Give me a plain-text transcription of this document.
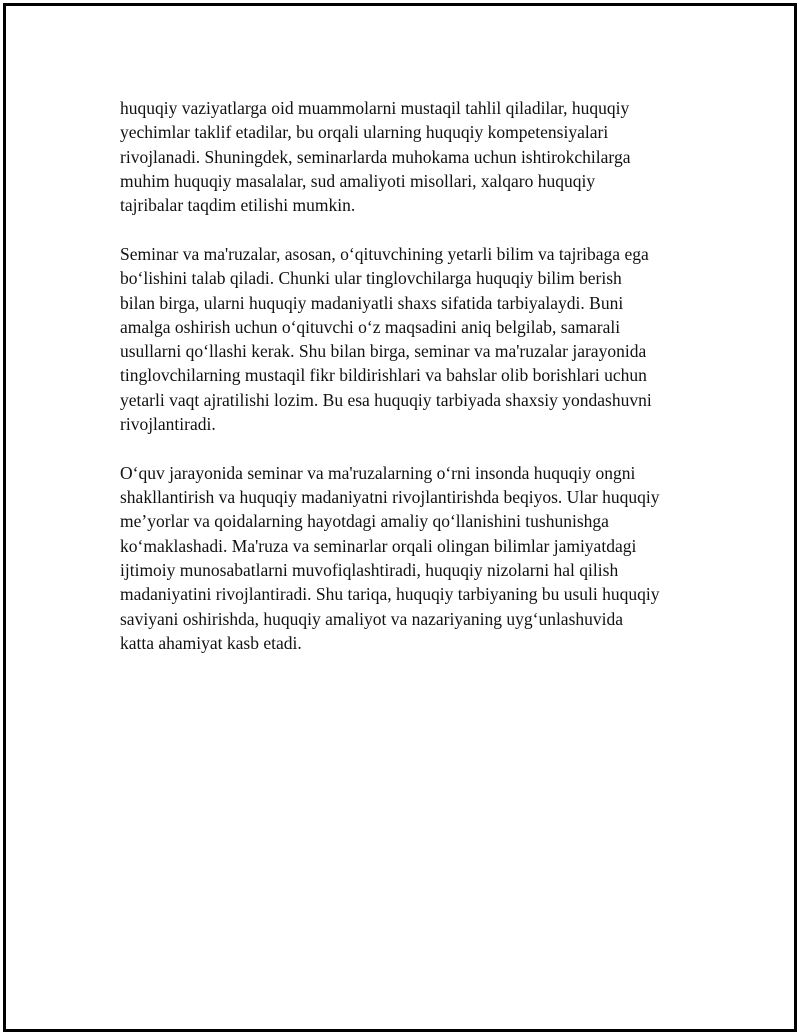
huquqiy vaziyatlarga oid muammolarni mustaqil tahlil qiladilar, huquqiy
yechimlar taklif etadilar, bu orqali ularning huquqiy kompetensiyalari
rivojlanadi. Shuningdek, seminarlarda muhokama uchun ishtirokchilarga
muhim huquqiy masalalar, sud amaliyoti misollari, xalqaro huquqiy
tajribalar taqdim etilishi mumkin.

Seminar va ma'ruzalar, asosan, o‘qituvchining yetarli bilim va tajribaga ega
bo‘lishini talab qiladi. Chunki ular tinglovchilarga huquqiy bilim berish
bilan birga, ularni huquqiy madaniyatli shaxs sifatida tarbiyalaydi. Buni
amalga oshirish uchun o‘qituvchi o‘z maqsadini aniq belgilab, samarali
usullarni qo‘llashi kerak. Shu bilan birga, seminar va ma'ruzalar jarayonida
tinglovchilarning mustaqil fikr bildirishlari va bahslar olib borishlari uchun
yetarli vaqt ajratilishi lozim. Bu esa huquqiy tarbiyada shaxsiy yondashuvni
rivojlantiradi.

O‘quv jarayonida seminar va ma'ruzalarning o‘rni insonda huquqiy ongni
shakllantirish va huquqiy madaniyatni rivojlantirishda beqiyos. Ular huquqiy
me’yorlar va qoidalarning hayotdagi amaliy qo‘llanishini tushunishga
ko‘maklashadi. Ma'ruza va seminarlar orqali olingan bilimlar jamiyatdagi
ijtimoiy munosabatlarni muvofiqlashtiradi, huquqiy nizolarni hal qilish
madaniyatini rivojlantiradi. Shu tariqa, huquqiy tarbiyaning bu usuli huquqiy
saviyani oshirishda, huquqiy amaliyot va nazariyaning uyg‘unlashuvida
katta ahamiyat kasb etadi.
